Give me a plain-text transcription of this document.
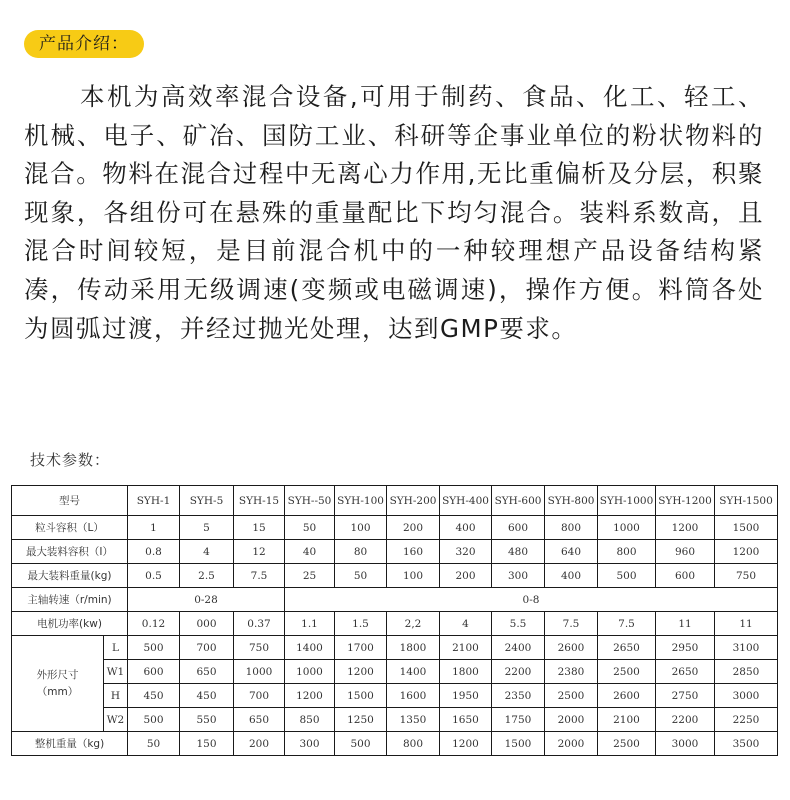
产品介绍：

本机为高效率混合设备,可用于制药、食品、化工、轻工、机械、电子、矿冶、国防工业、科研等企事业单位的粉状物料的混合。物料在混合过程中无离心力作用,无比重偏析及分层，积聚现象，各组份可在悬殊的重量配比下均匀混合。装料系数高，且混合时间较短，是目前混合机中的一种较理想产品设备结构紧凑，传动采用无级调速(变频或电磁调速)，操作方便。料筒各处为圆弧过渡，并经过抛光处理，达到GMP要求。

技术参数：
型号		SYH-1	SYH-5	SYH-15	SYH--50	SYH-100	SYH-200	SYH-400	SYH-600	SYH-800	SYH-1000	SYH-1200	SYH-1500
粒斗容积（L）		1	5	15	50	100	200	400	600	800	1000	1200	1500
最大装料容积（I）		0.8	4	12	40	80	160	320	480	640	800	960	1200
最大装料重量(kg)		0.5	2.5	7.5	25	50	100	200	300	400	500	600	750
主轴转速（r/min)		0-28			0-8								
电机功率(kw)		0.12	000	0.37	1.1	1.5	2,2	4	5.5	7.5	7.5	11	11

外形尺寸
（mm）	L	500	700	750	1400	1700	1800	2100	2400	2600	2650	2950	3100
	W1	600	650	1000	1000	1200	1400	1800	2200	2380	2500	2650	2850
	H	450	450	700	1200	1500	1600	1950	2350	2500	2600	2750	3000
	W2	500	550	650	850	1250	1350	1650	1750	2000	2100	2200	2250
整机重量（kg)		50	150	200	300	500	800	1200	1500	2000	2500	3000	3500
